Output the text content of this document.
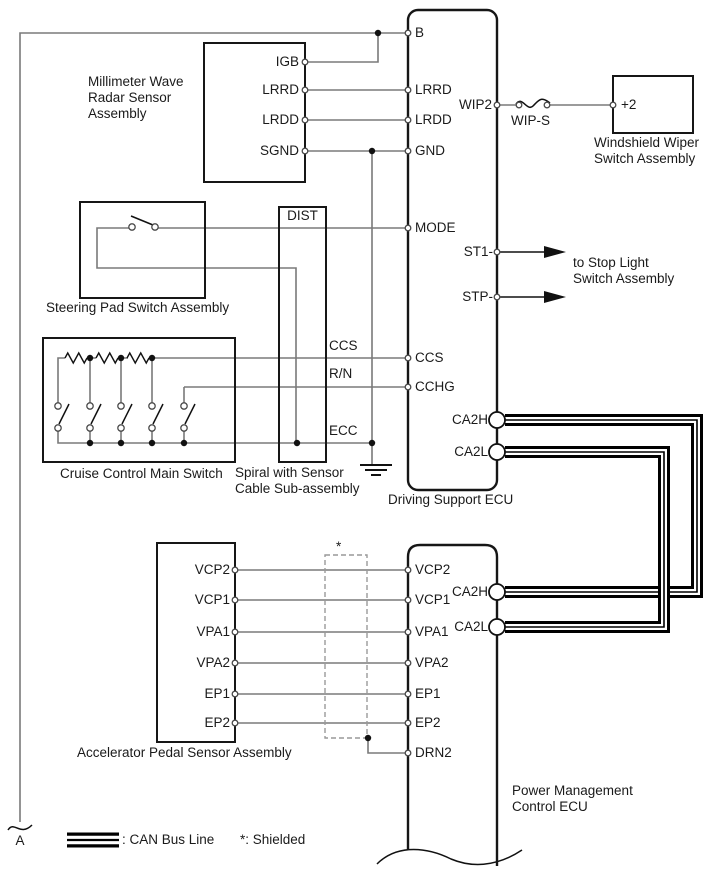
Millimeter Wave
Radar Sensor
Assembly
IGB
LRRD
LRDD
SGND
B
LRRD
LRDD
GND
MODE
CCS
CCHG
WIP2
ST1-
STP-
CA2H
CA2L
Driving Support ECU
+2
WIP-S
Windshield Wiper
Switch Assembly
to Stop Light
Switch Assembly
Steering Pad Switch Assembly
DIST
CCS
R/N
ECC
Cruise Control Main Switch Spiral with Sensor
Cable Sub-assembly
VCP2
VCP1
VPA1
VPA2
EP1
EP2
Accelerator Pedal Sensor Assembly
*
VCP2
VCP1
VPA1
VPA2
EP1
EP2
DRN2
CA2H
CA2L
Power Management
Control ECU
A	: CAN Bus Line *: Shielded
